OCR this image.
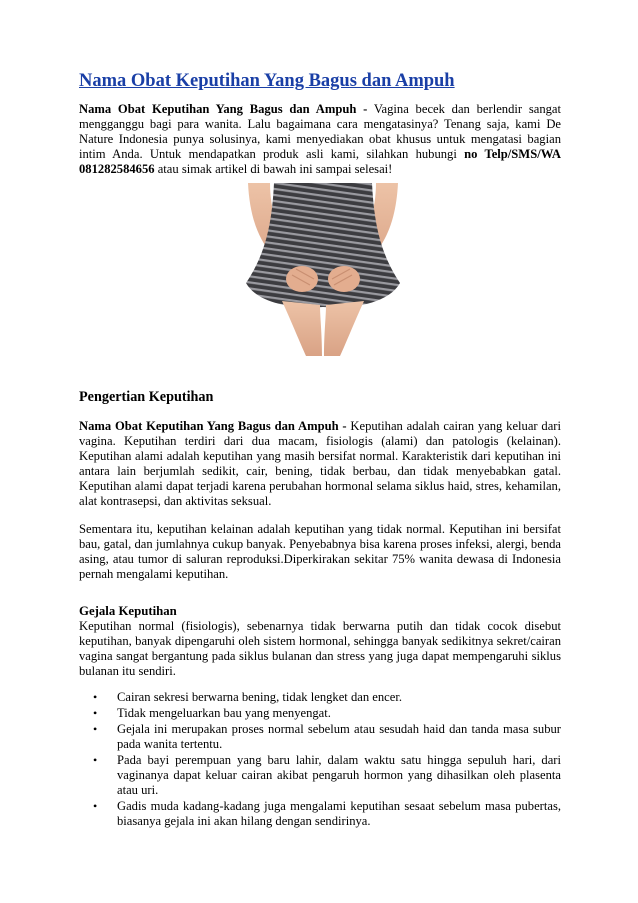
Nama Obat Keputihan Yang Bagus dan Ampuh

Nama Obat Keputihan Yang Bagus dan Ampuh - Vagina becek dan berlendir sangat mengganggu bagi para wanita. Lalu bagaimana cara mengatasinya? Tenang saja, kami De Nature Indonesia punya solusinya, kami menyediakan obat khusus untuk mengatasi bagian intim Anda. Untuk mendapatkan produk asli kami, silahkan hubungi no Telp/SMS/WA 081282584656 atau simak artikel di bawah ini sampai selesai!

Pengertian Keputihan

Nama Obat Keputihan Yang Bagus dan Ampuh - Keputihan adalah cairan yang keluar dari vagina. Keputihan terdiri dari dua macam, fisiologis (alami) dan patologis (kelainan). Keputihan alami adalah keputihan yang masih bersifat normal. Karakteristik dari keputihan ini antara lain berjumlah sedikit, cair, bening, tidak berbau, dan tidak menyebabkan gatal. Keputihan alami dapat terjadi karena perubahan hormonal selama siklus haid, stres, kehamilan, alat kontrasepsi, dan aktivitas seksual.

Sementara itu, keputihan kelainan adalah keputihan yang tidak normal. Keputihan ini bersifat bau, gatal, dan jumlahnya cukup banyak. Penyebabnya bisa karena proses infeksi, alergi, benda asing, atau tumor di saluran reproduksi.Diperkirakan sekitar 75% wanita dewasa di Indonesia pernah mengalami keputihan.

Gejala Keputihan

Keputihan normal (fisiologis), sebenarnya tidak berwarna putih dan tidak cocok disebut keputihan, banyak dipengaruhi oleh sistem hormonal, sehingga banyak sedikitnya sekret/cairan vagina sangat bergantung pada siklus bulanan dan stress yang juga dapat mempengaruhi siklus bulanan itu sendiri.

• Cairan sekresi berwarna bening, tidak lengket dan encer.
• Tidak mengeluarkan bau yang menyengat.
• Gejala ini merupakan proses normal sebelum atau sesudah haid dan tanda masa subur pada wanita tertentu.
• Pada bayi perempuan yang baru lahir, dalam waktu satu hingga sepuluh hari, dari vaginanya dapat keluar cairan akibat pengaruh hormon yang dihasilkan oleh plasenta atau uri.
• Gadis muda kadang-kadang juga mengalami keputihan sesaat sebelum masa pubertas, biasanya gejala ini akan hilang dengan sendirinya.
